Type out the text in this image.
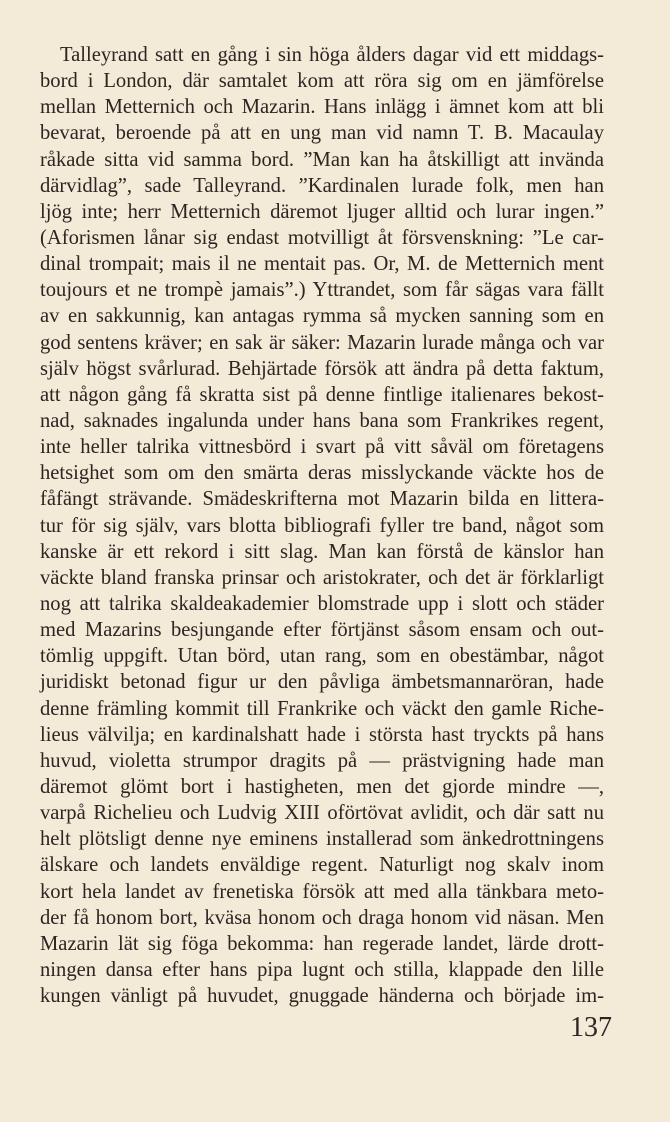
Talleyrand satt en gång i sin höga ålders dagar vid ett middags-
bord i London, där samtalet kom att röra sig om en jämförelse
mellan Metternich och Mazarin. Hans inlägg i ämnet kom att bli
bevarat, beroende på att en ung man vid namn T. B. Macaulay
råkade sitta vid samma bord. ”Man kan ha åtskilligt att invända
därvidlag”, sade Talleyrand. ”Kardinalen lurade folk, men han
ljög inte; herr Metternich däremot ljuger alltid och lurar ingen.”
(Aforismen lånar sig endast motvilligt åt försvenskning: ”Le car-
dinal trompait; mais il ne mentait pas. Or, M. de Metternich ment
toujours et ne trompè jamais”.) Yttrandet, som får sägas vara fällt
av en sakkunnig, kan antagas rymma så mycken sanning som en
god sentens kräver; en sak är säker: Mazarin lurade många och var
själv högst svårlurad. Behjärtade försök att ändra på detta faktum,
att någon gång få skratta sist på denne fintlige italienares bekost-
nad, saknades ingalunda under hans bana som Frankrikes regent,
inte heller talrika vittnesbörd i svart på vitt såväl om företagens
hetsighet som om den smärta deras misslyckande väckte hos de
fåfängt strävande. Smädeskrifterna mot Mazarin bilda en littera-
tur för sig själv, vars blotta bibliografi fyller tre band, något som
kanske är ett rekord i sitt slag. Man kan förstå de känslor han
väckte bland franska prinsar och aristokrater, och det är förklarligt
nog att talrika skaldeakademier blomstrade upp i slott och städer
med Mazarins besjungande efter förtjänst såsom ensam och out-
tömlig uppgift. Utan börd, utan rang, som en obestämbar, något
juridiskt betonad figur ur den påvliga ämbetsmannaröran, hade
denne främling kommit till Frankrike och väckt den gamle Riche-
lieus välvilja; en kardinalshatt hade i största hast tryckts på hans
huvud, violetta strumpor dragits på — prästvigning hade man
däremot glömt bort i hastigheten, men det gjorde mindre —,
varpå Richelieu och Ludvig XIII oförtövat avlidit, och där satt nu
helt plötsligt denne nye eminens installerad som änkedrottningens
älskare och landets enväldige regent. Naturligt nog skalv inom
kort hela landet av frenetiska försök att med alla tänkbara meto-
der få honom bort, kväsa honom och draga honom vid näsan. Men
Mazarin lät sig föga bekomma: han regerade landet, lärde drott-
ningen dansa efter hans pipa lugnt och stilla, klappade den lille
kungen vänligt på huvudet, gnuggade händerna och började im-
137
